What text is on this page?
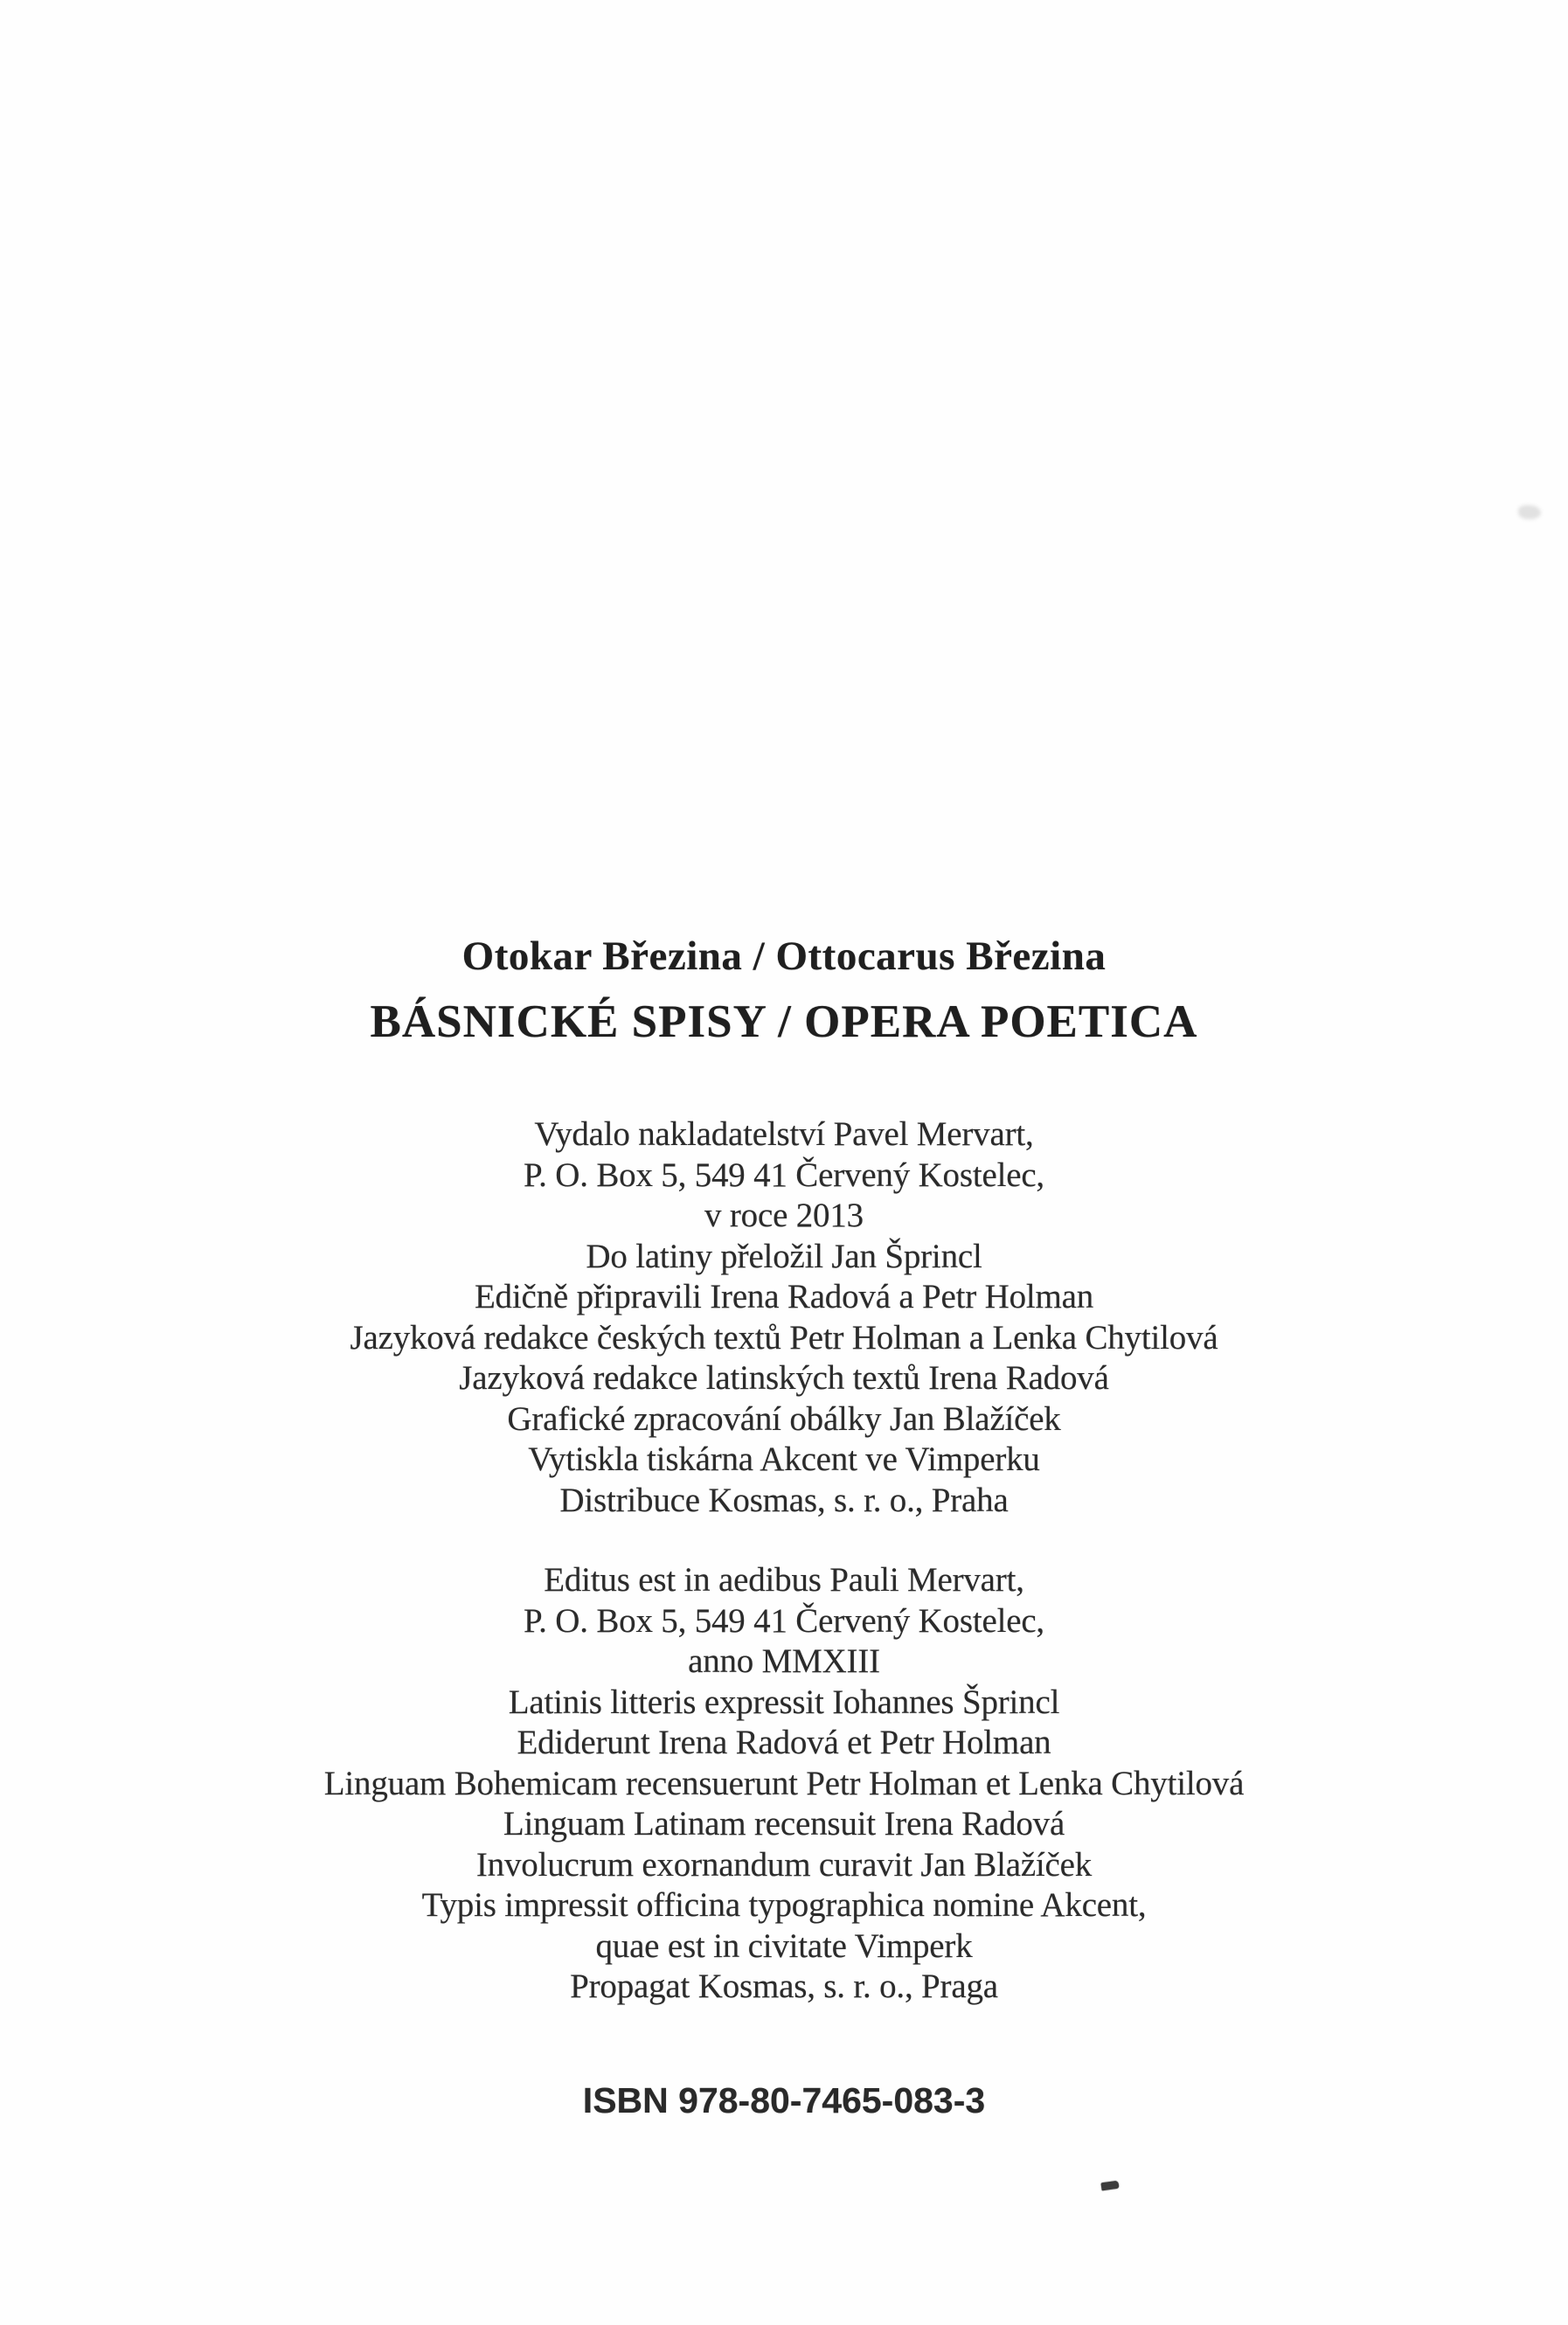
Otokar Březina / Ottocarus Březina
BÁSNICKÉ SPISY / OPERA POETICA
Vydalo nakladatelství Pavel Mervart,
P. O. Box 5, 549 41 Červený Kostelec,
v roce 2013
Do latiny přeložil Jan Šprincl
Edičně připravili Irena Radová a Petr Holman
Jazyková redakce českých textů Petr Holman a Lenka Chytilová
Jazyková redakce latinských textů Irena Radová
Grafické zpracování obálky Jan Blažíček
Vytiskla tiskárna Akcent ve Vimperku
Distribuce Kosmas, s. r. o., Praha
Editus est in aedibus Pauli Mervart,
P. O. Box 5, 549 41 Červený Kostelec,
anno MMXIII
Latinis litteris expressit Iohannes Šprincl
Ediderunt Irena Radová et Petr Holman
Linguam Bohemicam recensuerunt Petr Holman et Lenka Chytilová
Linguam Latinam recensuit Irena Radová
Involucrum exornandum curavit Jan Blažíček
Typis impressit officina typographica nomine Akcent,
quae est in civitate Vimperk
Propagat Kosmas, s. r. o., Praga
ISBN 978-80-7465-083-3
